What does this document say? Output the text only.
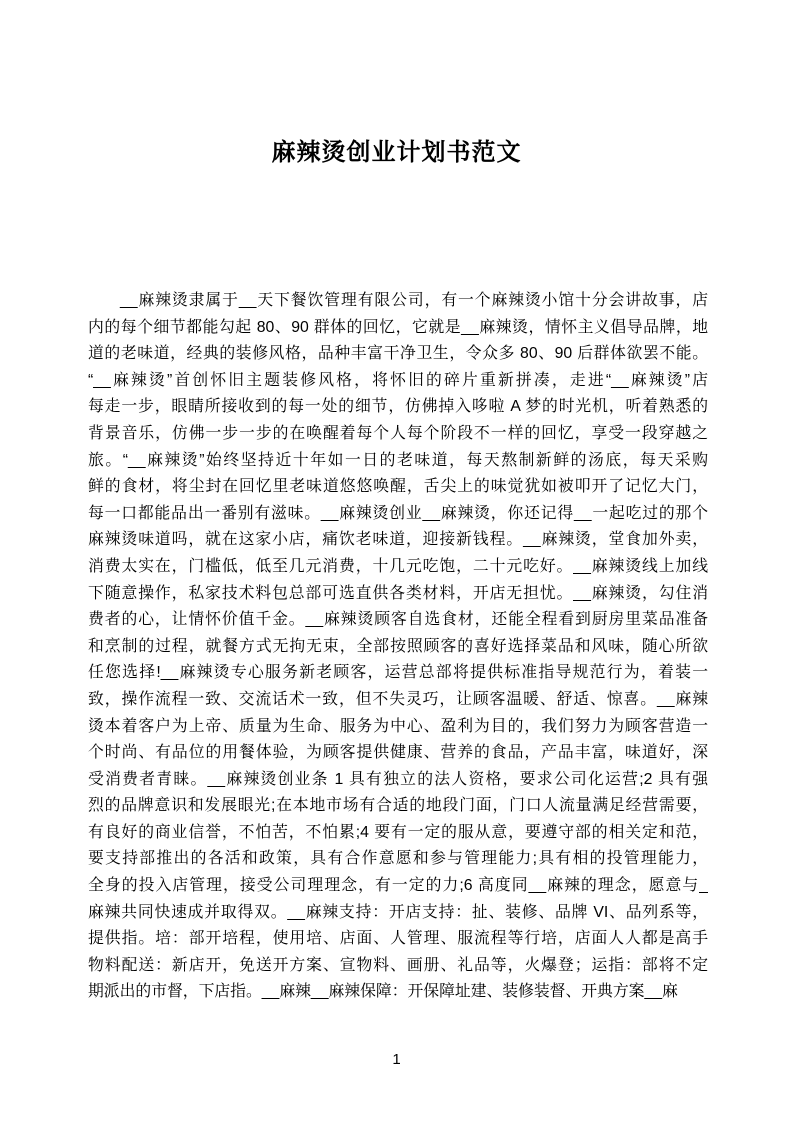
麻辣烫创业计划书范文
__麻辣烫隶属于__天下餐饮管理有限公司，有一个麻辣烫小馆十分会讲故事，店
内的每个细节都能勾起 80、90 群体的回忆，它就是__麻辣烫，情怀主义倡导品牌，地
道的老味道，经典的装修风格，品种丰富干净卫生，令众多 80、90 后群体欲罢不能。
“__麻辣烫”首创怀旧主题装修风格，将怀旧的碎片重新拼凑，走进“__麻辣烫”店
每走一步，眼睛所接收到的每一处的细节，仿佛掉入哆啦 A 梦的时光机，听着熟悉的
背景音乐，仿佛一步一步的在唤醒着每个人每个阶段不一样的回忆，享受一段穿越之
旅。“__麻辣烫”始终坚持近十年如一日的老味道，每天熬制新鲜的汤底，每天采购
鲜的食材，将尘封在回忆里老味道悠悠唤醒，舌尖上的味觉犹如被叩开了记忆大门，
每一口都能品出一番别有滋味。__麻辣烫创业__麻辣烫，你还记得__一起吃过的那个
麻辣烫味道吗，就在这家小店，痛饮老味道，迎接新钱程。__麻辣烫，堂食加外卖，
消费太实在，门槛低，低至几元消费，十几元吃饱，二十元吃好。__麻辣烫线上加线
下随意操作，私家技术料包总部可选直供各类材料，开店无担忧。__麻辣烫，勾住消
费者的心，让情怀价值千金。__麻辣烫顾客自选食材，还能全程看到厨房里菜品准备
和烹制的过程，就餐方式无拘无束，全部按照顾客的喜好选择菜品和风味，随心所欲
任您选择!__麻辣烫专心服务新老顾客，运营总部将提供标准指导规范行为，着装一
致，操作流程一致、交流话术一致，但不失灵巧，让顾客温暖、舒适、惊喜。__麻辣
烫本着客户为上帝、质量为生命、服务为中心、盈利为目的，我们努力为顾客营造一
个时尚、有品位的用餐体验，为顾客提供健康、营养的食品，产品丰富，味道好，深
受消费者青睐。__麻辣烫创业条 1 具有独立的法人资格，要求公司化运营;2 具有强
烈的品牌意识和发展眼光;在本地市场有合适的地段门面，门口人流量满足经营需要，
有良好的商业信誉，不怕苦，不怕累;4 要有一定的服从意，要遵守部的相关定和范，
要支持部推出的各活和政策，具有合作意愿和参与管理能力;具有相的投管理能力，
全身的投入店管理，接受公司理理念，有一定的力;6 高度同__麻辣的理念，愿意与_
麻辣共同快速成并取得双。__麻辣支持：开店支持：扯、装修、品牌 VI、品列系等，
提供指。培：部开培程，使用培、店面、人管理、服流程等行培，店面人人都是高手
物料配送：新店开，免送开方案、宣物料、画册、礼品等，火爆登；运指：部将不定
期派出的市督，下店指。__麻辣__麻辣保障：开保障址建、装修装督、开典方案__麻
1
